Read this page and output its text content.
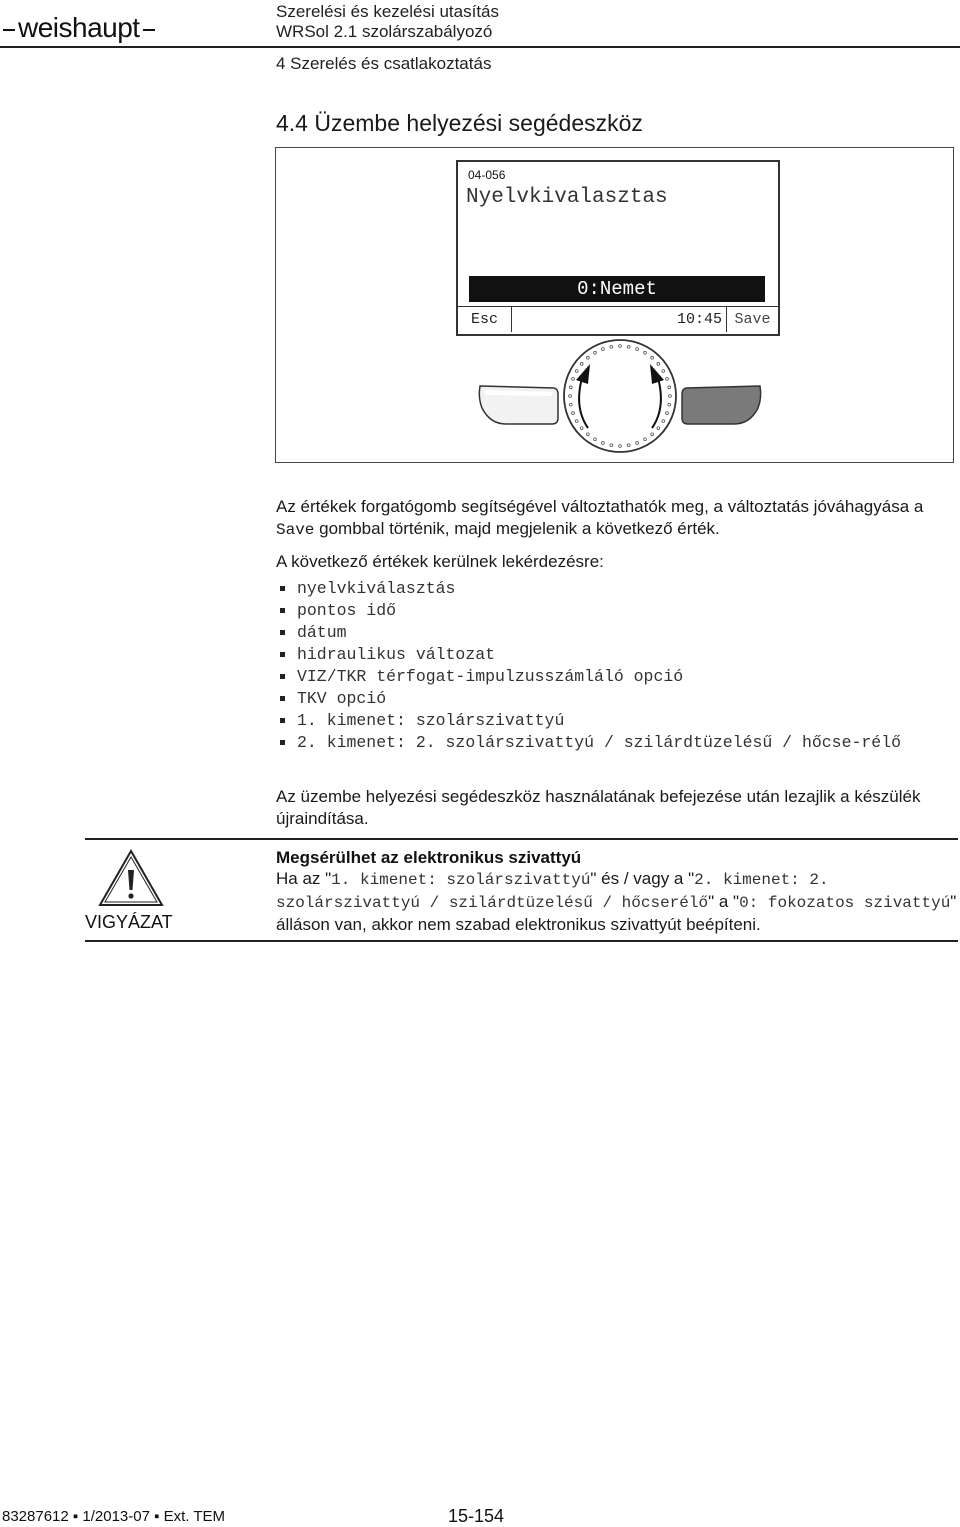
weishaupt
Szerelési és kezelési utasítás
WRSol 2.1 szolárszabályozó
4 Szerelés és csatlakoztatás
4.4 Üzembe helyezési segédeszköz
04-056
Nyelvkivalasztas
0:Nemet
Esc	10:45 Save
Az értékek forgatógomb segítségével változtathatók meg, a változtatás jóváhagyása a Save gombbal történik, majd megjelenik a következő érték.
A következő értékek kerülnek lekérdezésre:
nyelvkiválasztás
pontos idő
dátum
hidraulikus változat
VIZ/TKR térfogat-impulzusszámláló opció
TKV opció
1. kimenet: szolárszivattyú
2. kimenet: 2. szolárszivattyú / szilárdtüzelésű / hőcse-rélő
Az üzembe helyezési segédeszköz használatának befejezése után lezajlik a készülék újraindítása.
VIGYÁZAT
Megsérülhet az elektronikus szivattyú
Ha az "1. kimenet: szolárszivattyú" és / vagy a "2. kimenet: 2. szolárszivattyú / szilárdtüzelésű / hőcserélő" a "0: fokozatos szivattyú" álláson van, akkor nem szabad elektronikus szivattyút beépíteni.
83287612 ▪ 1/2013-07 ▪ Ext. TEM	15-154
